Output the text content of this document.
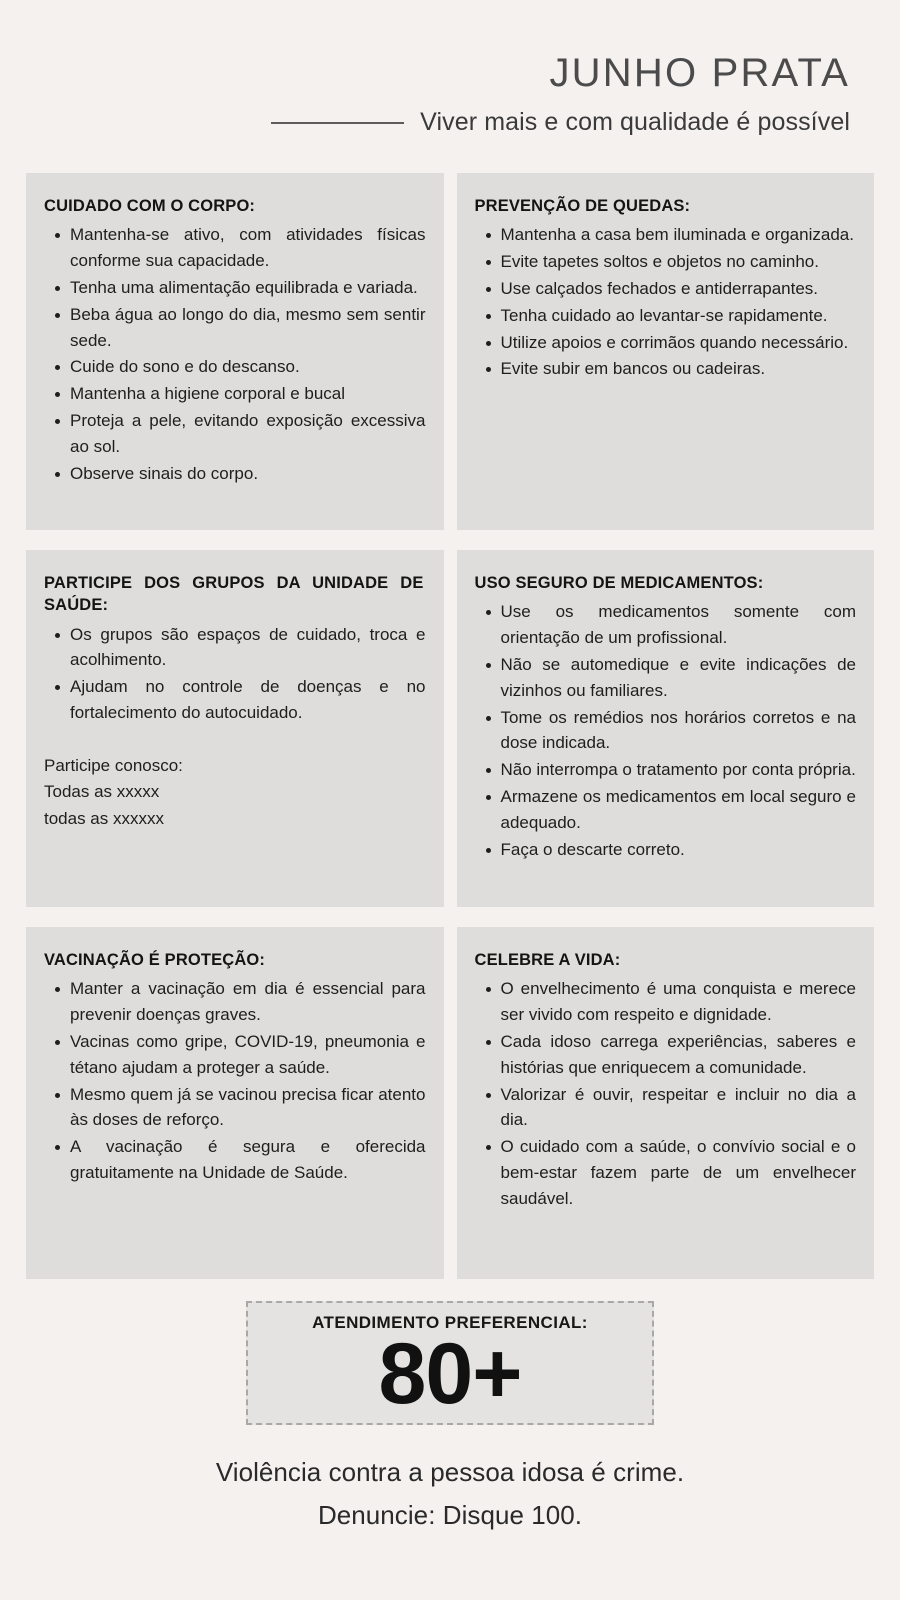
JUNHO PRATA
Viver mais e com qualidade é possível
CUIDADO COM O CORPO:
Mantenha-se ativo, com atividades físicas conforme sua capacidade.
Tenha uma alimentação equilibrada e variada.
Beba água ao longo do dia, mesmo sem sentir sede.
Cuide do sono e do descanso.
Mantenha a higiene corporal e bucal
Proteja a pele, evitando exposição excessiva ao sol.
Observe sinais do corpo.
PREVENÇÃO DE QUEDAS:
Mantenha a casa bem iluminada e organizada.
Evite tapetes soltos e objetos no caminho.
Use calçados fechados e antiderrapantes.
Tenha cuidado ao levantar-se rapidamente.
Utilize apoios e corrimãos quando necessário.
Evite subir em bancos ou cadeiras.
PARTICIPE DOS GRUPOS DA UNIDADE DE SAÚDE:
Os grupos são espaços de cuidado, troca e acolhimento.
Ajudam no controle de doenças e no fortalecimento do autocuidado.
Participe conosco:
Todas as xxxxx
todas as xxxxxx
USO SEGURO DE MEDICAMENTOS:
Use os medicamentos somente com orientação de um profissional.
Não se automedique e evite indicações de vizinhos ou familiares.
Tome os remédios nos horários corretos e na dose indicada.
Não interrompa o tratamento por conta própria.
Armazene os medicamentos em local seguro e adequado.
Faça o descarte correto.
VACINAÇÃO É PROTEÇÃO:
Manter a vacinação em dia é essencial para prevenir doenças graves.
Vacinas como gripe, COVID-19, pneumonia e tétano ajudam a proteger a saúde.
Mesmo quem já se vacinou precisa ficar atento às doses de reforço.
A vacinação é segura e oferecida gratuitamente na Unidade de Saúde.
CELEBRE A VIDA:
O envelhecimento é uma conquista e merece ser vivido com respeito e dignidade.
Cada idoso carrega experiências, saberes e histórias que enriquecem a comunidade.
Valorizar é ouvir, respeitar e incluir no dia a dia.
O cuidado com a saúde, o convívio social e o bem-estar fazem parte de um envelhecer saudável.
ATENDIMENTO PREFERENCIAL:
80+
Violência contra a pessoa idosa é crime.
Denuncie: Disque 100.
